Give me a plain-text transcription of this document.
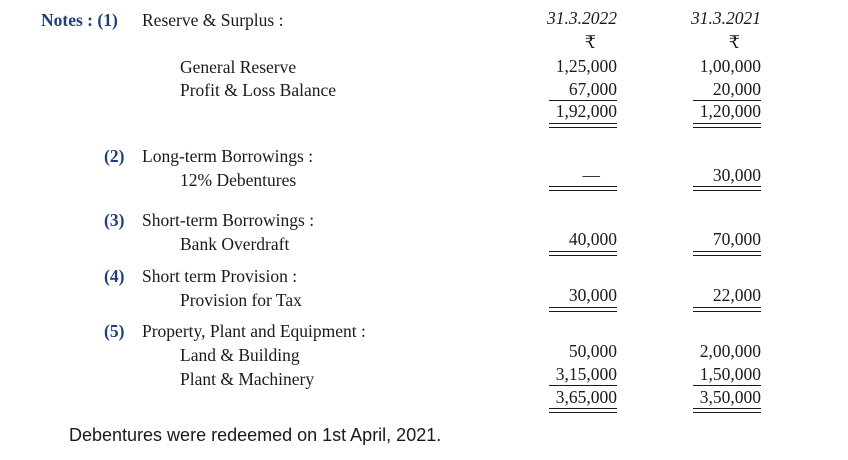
Notes : (1) Reserve & Surplus :	31.3.2022	31.3.2021
₹	₹
General Reserve	1,25,000	1,00,000
Profit & Loss Balance	67,000	20,000
1,92,000	1,20,000
(2) Long-term Borrowings :
12% Debentures	—	30,000
(3) Short-term Borrowings :
Bank Overdraft	40,000	70,000
(4) Short term Provision :
Provision for Tax	30,000	22,000
(5) Property, Plant and Equipment :
Land & Building	50,000	2,00,000
Plant & Machinery	3,15,000	1,50,000
3,65,000	3,50,000
Debentures were redeemed on 1st April, 2021.
